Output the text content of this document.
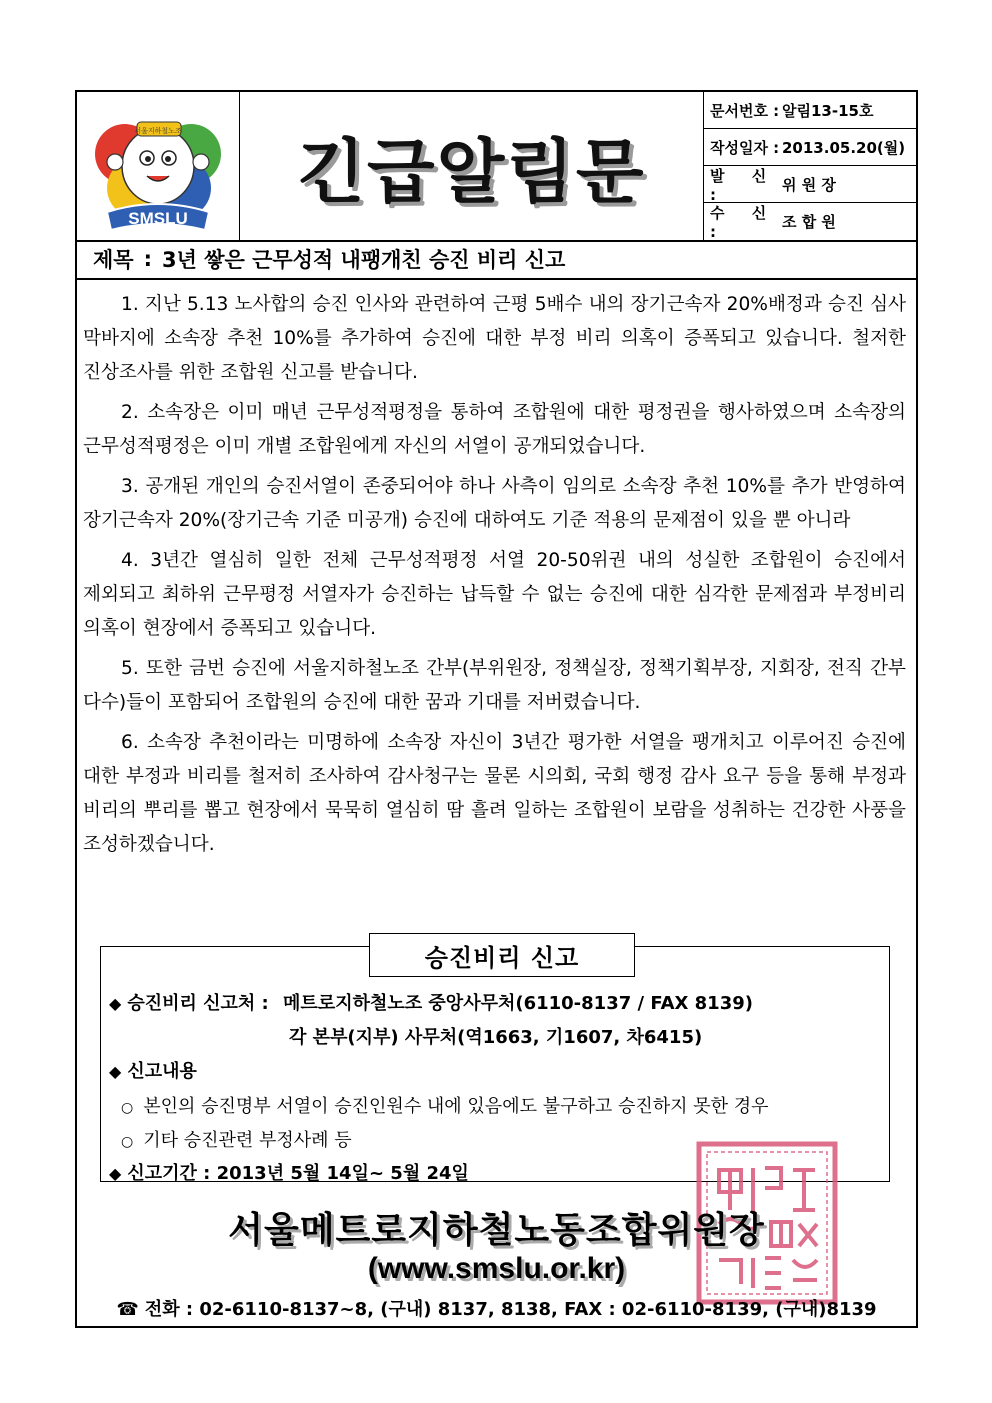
SMSLU
서울지하철노조 긴급알림문
문서번호 : 알림13-15호
작성일자 : 2013.05.20(월)
발 신 :
위 원 장
수 신 :
조 합 원
제목 : 3년 쌓은 근무성적 내팽개친 승진 비리 신고

1. 지난 5.13 노사합의 승진 인사와 관련하여 근평 5배수 내의 장기근속자 20%배정과 승진 심사 막바지에 소속장 추천 10%를 추가하여 승진에 대한 부정 비리 의혹이 증폭되고 있습니다. 철저한 진상조사를 위한 조합원 신고를 받습니다.

2. 소속장은 이미 매년 근무성적평정을 통하여 조합원에 대한 평정권을 행사하였으며 소속장의 근무성적평정은 이미 개별 조합원에게 자신의 서열이 공개되었습니다.

3. 공개된 개인의 승진서열이 존중되어야 하나 사측이 임의로 소속장 추천 10%를 추가 반영하여 장기근속자 20%(장기근속 기준 미공개) 승진에 대하여도 기준 적용의 문제점이 있을 뿐 아니라

4. 3년간 열심히 일한 전체 근무성적평정 서열 20-50위권 내의 성실한 조합원이 승진에서 제외되고 최하위 근무평정 서열자가 승진하는 납득할 수 없는 승진에 대한 심각한 문제점과 부정비리 의혹이 현장에서 증폭되고 있습니다.

5. 또한 금번 승진에 서울지하철노조 간부(부위원장, 정책실장, 정책기획부장, 지회장, 전직 간부 다수)들이 포함되어 조합원의 승진에 대한 꿈과 기대를 저버렸습니다.

6. 소속장 추천이라는 미명하에 소속장 자신이 3년간 평가한 서열을 팽개치고 이루어진 승진에 대한 부정과 비리를 철저히 조사하여 감사청구는 물론 시의회, 국회 행정 감사 요구 등을 통해 부정과 비리의 뿌리를 뽑고 현장에서 묵묵히 열심히 땀 흘려 일하는 조합원이 보람을 성취하는 건강한 사풍을 조성하겠습니다.

승진비리 신고
◆ 승진비리 신고처 : 메트로지하철노조 중앙사무처(6110-8137 / FAX 8139)
각 본부(지부) 사무처(역1663, 기1607, 차6415)
◆ 신고내용
○ 본인의 승진명부 서열이 승진인원수 내에 있음에도 불구하고 승진하지 못한 경우
○ 기타 승진관련 부정사례 등
◆ 신고기간 : 2013년 5월 14일~ 5월 24일
서울메트로지하철노동조합위원장
(www.smslu.or.kr)
☎ 전화 : 02-6110-8137~8, (구내) 8137, 8138, FAX : 02-6110-8139, (구내)8139
